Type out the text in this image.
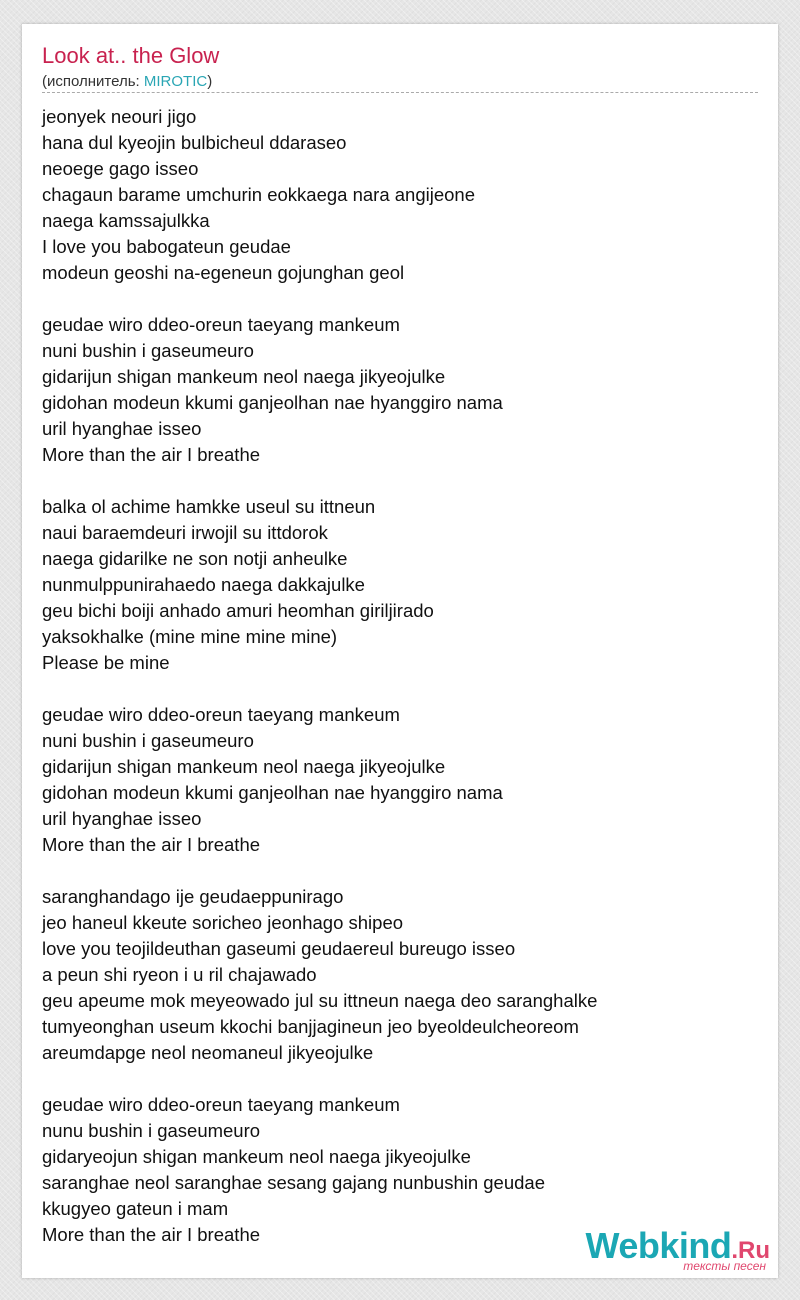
Look at.. the Glow
(исполнитель: MIROTIC)
jeonyek neouri jigo
hana dul kyeojin bulbicheul ddaraseo
neoege gago isseo
chagaun barame umchurin eokkaega nara angijeone
naega kamssajulkka
I love you babogateun geudae
modeun geoshi na-egeneun gojunghan geol
geudae wiro ddeo-oreun taeyang mankeum
nuni bushin i gaseumeuro
gidarijun shigan mankeum neol naega jikyeojulke
gidohan modeun kkumi ganjeolhan nae hyanggiro nama
uril hyanghae isseo
More than the air I breathe
balka ol achime hamkke useul su ittneun
naui baraemdeuri irwojil su ittdorok
naega gidarilke ne son notji anheulke
nunmulppunirahaedo naega dakkajulke
geu bichi boiji anhado amuri heomhan giriljirado
yaksokhalke (mine mine mine mine)
Please be mine
geudae wiro ddeo-oreun taeyang mankeum
nuni bushin i gaseumeuro
gidarijun shigan mankeum neol naega jikyeojulke
gidohan modeun kkumi ganjeolhan nae hyanggiro nama
uril hyanghae isseo
More than the air I breathe
saranghandago ije geudaeppunirago
jeo haneul kkeute soricheo jeonhago shipeo
love you teojildeuthan gaseumi geudaereul bureugo isseo
a peun shi ryeon i u ril chajawado
geu apeume mok meyeowado jul su ittneun naega deo saranghalke
tumyeonghan useum kkochi banjjagineun jeo byeoldeulcheoreom
areumdapge neol neomaneul jikyeojulke
geudae wiro ddeo-oreun taeyang mankeum
nunu bushin i gaseumeuro
gidaryeojun shigan mankeum neol naega jikyeojulke
saranghae neol saranghae sesang gajang nunbushin geudae
kkugyeo gateun i mam
More than the air I breathe	Webkind.Ru
тексты песен
